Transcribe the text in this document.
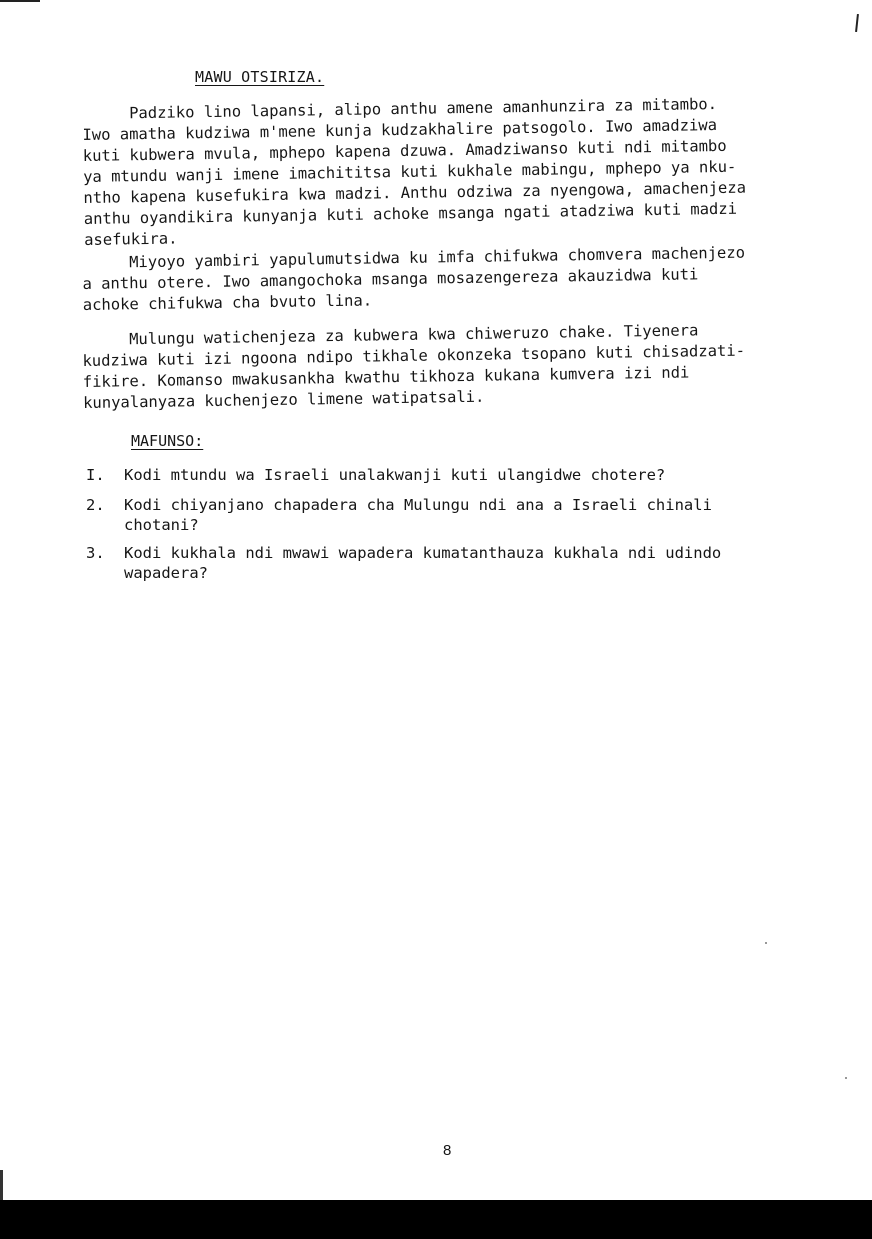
MAWU OTSIRIZA.

Padziko lino lapansi, alipo anthu amene amanhunzira za mitambo.
Iwo amatha kudziwa m'mene kunja kudzakhalire patsogolo. Iwo amadziwa
kuti kubwera mvula, mphepo kapena dzuwa. Amadziwanso kuti ndi mitambo
ya mtundu wanji imene imachititsa kuti kukhale mabingu, mphepo ya nku-
ntho kapena kusefukira kwa madzi. Anthu odziwa za nyengowa, amachenjeza
anthu oyandikira kunyanja kuti achoke msanga ngati atadziwa kuti madzi
asefukira.

Miyoyo yambiri yapulumutsidwa ku imfa chifukwa chomvera machenjezo
a anthu otere. Iwo amangochoka msanga mosazengereza akauzidwa kuti
achoke chifukwa cha bvuto lina.

Mulungu watichenjeza za kubwera kwa chiweruzo chake. Tiyenera
kudziwa kuti izi ngoona ndipo tikhale okonzeka tsopano kuti chisadzati-
fikire. Komanso mwakusankha kwathu tikhoza kukana kumvera izi ndi
kunyalanyaza kuchenjezo limene watipatsali.

MAFUNSO:
I. Kodi mtundu wa Israeli unalakwanji kuti ulangidwe chotere?
2. Kodi chiyanjano chapadera cha Mulungu ndi ana a Israeli chinali
chotani?
3. Kodi kukhala ndi mwawi wapadera kumatanthauza kukhala ndi udindo
wapadera?
8
